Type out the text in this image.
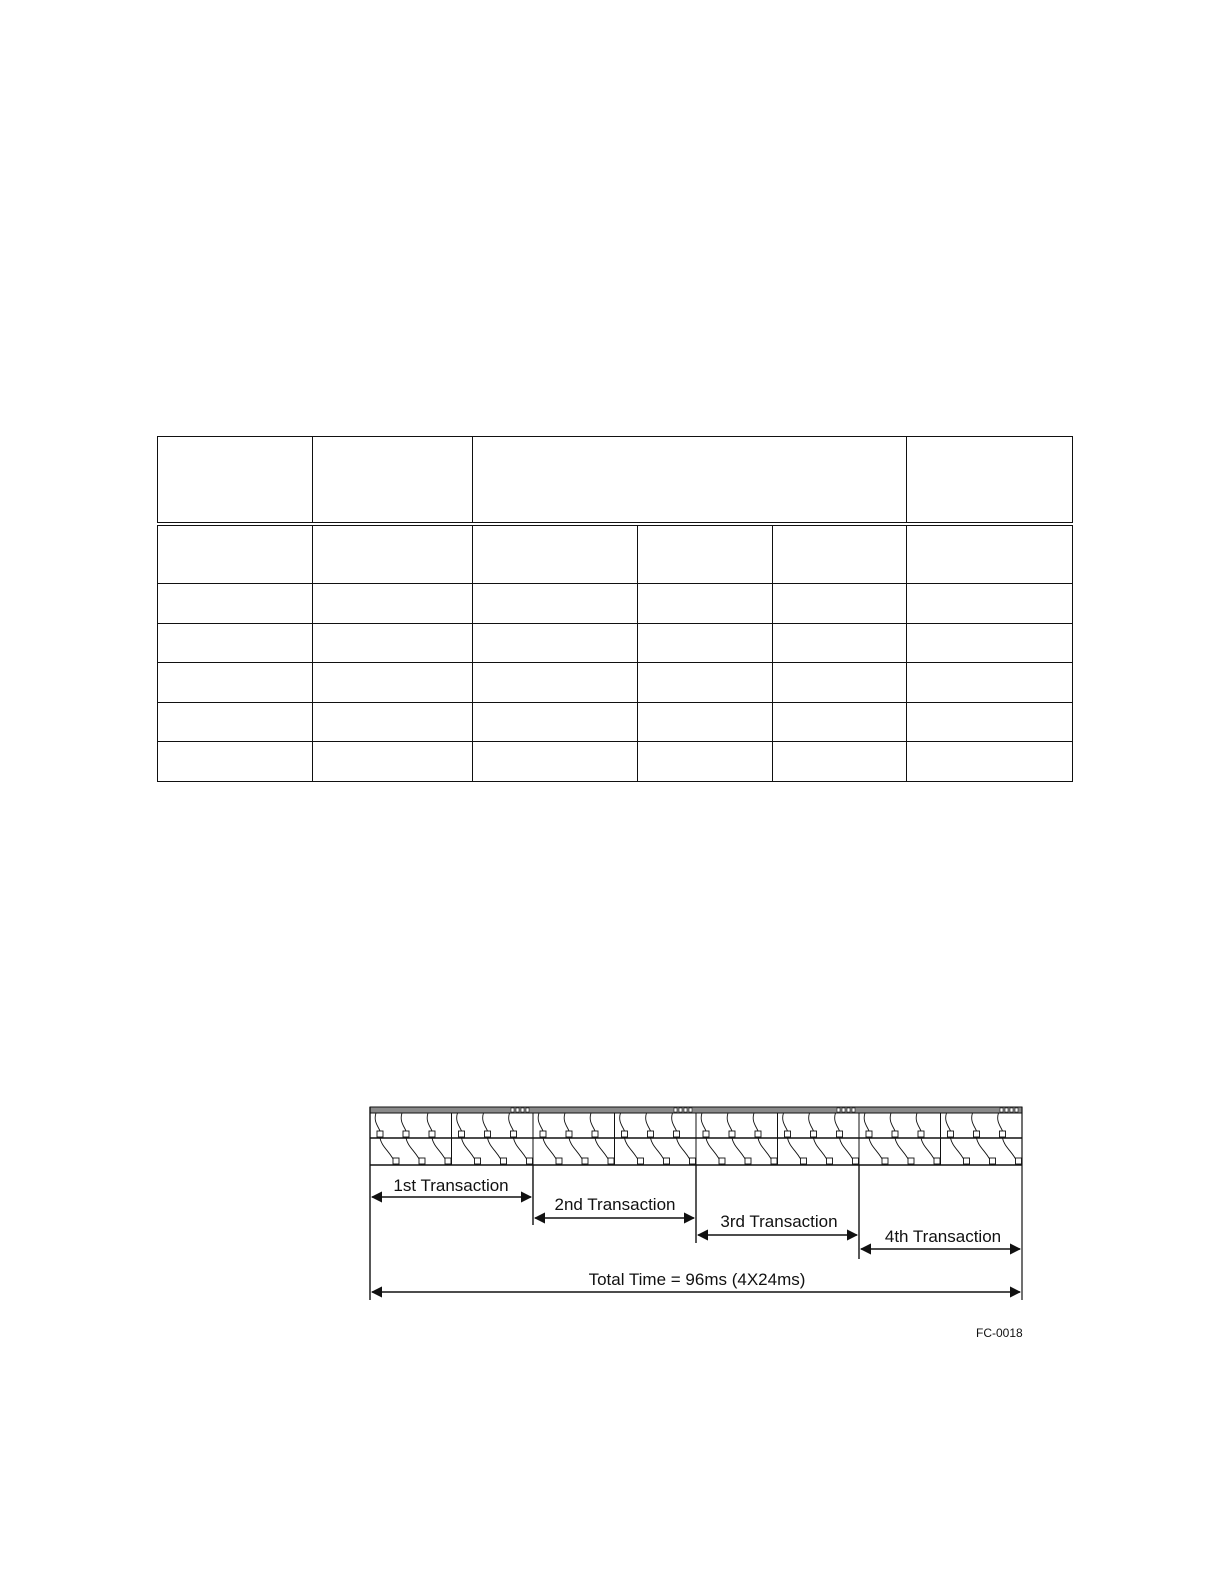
1st Transaction
2nd Transaction
3rd Transaction
4th Transaction
Total Time = 96ms (4X24ms)
FC-0018
